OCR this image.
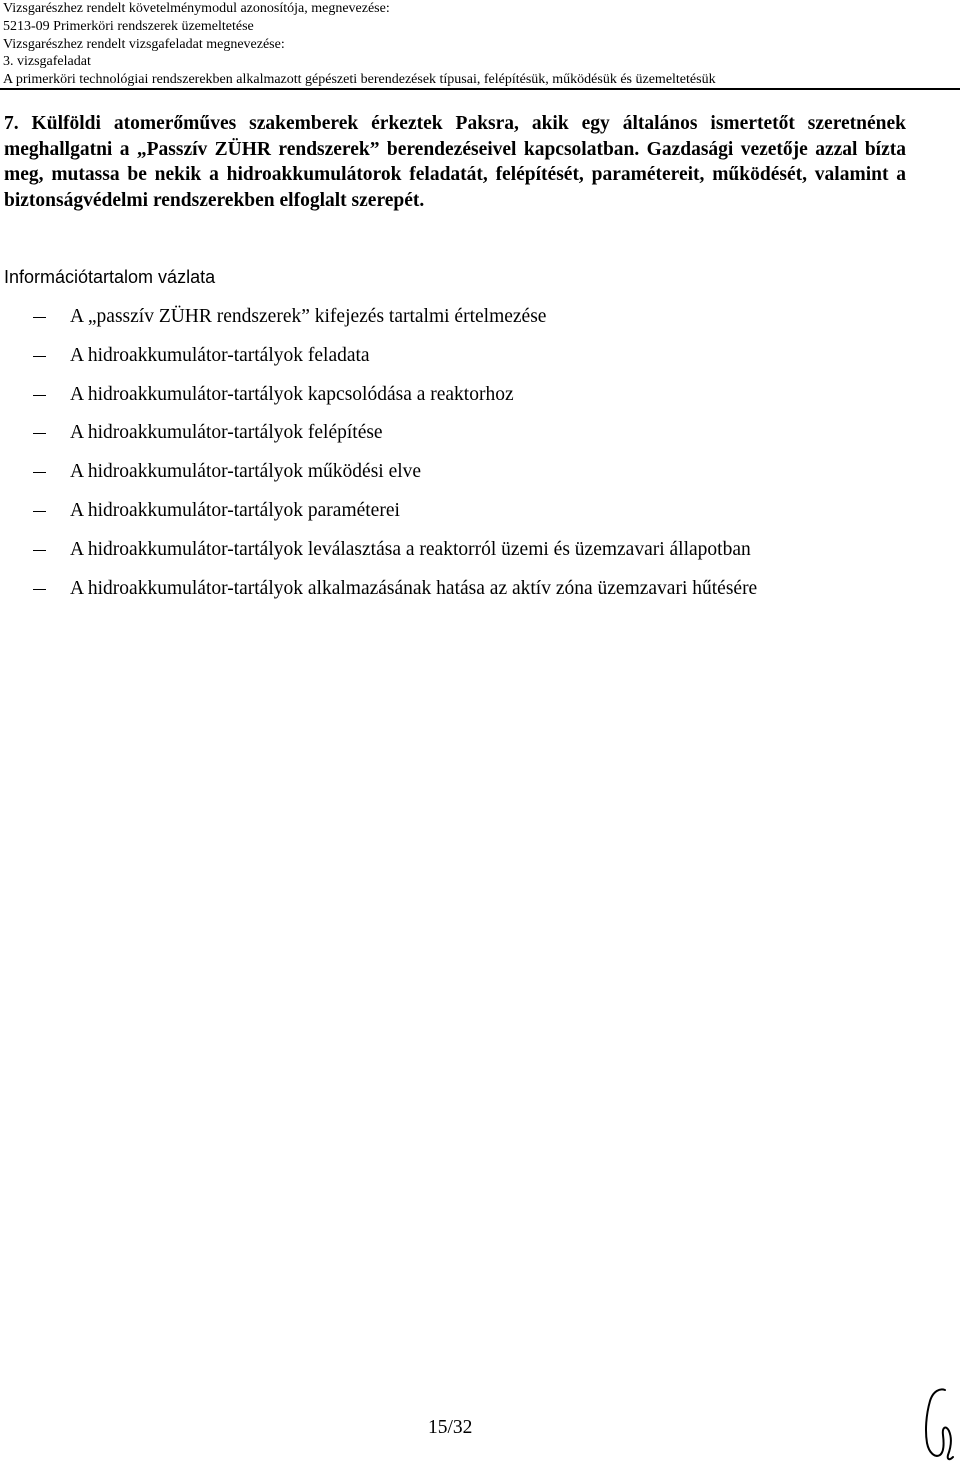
Vizsgarészhez rendelt követelménymodul azonosítója, megnevezése:
5213-09 Primerköri rendszerek üzemeltetése
Vizsgarészhez rendelt vizsgafeladat megnevezése:
3. vizsgafeladat
A primerköri technológiai rendszerekben alkalmazott gépészeti berendezések típusai, felépítésük, működésük és üzemeltetésük
7. Külföldi atomerőműves szakemberek érkeztek Paksra, akik egy általános ismertetőt szeretnének meghallgatni a „Passzív ZÜHR rendszerek” berendezéseivel kapcsolatban. Gazdasági vezetője azzal bízta meg, mutassa be nekik a hidroakkumulátorok feladatát, felépítését, paramétereit, működését, valamint a biztonságvédelmi rendszerekben elfoglalt szerepét.
Információtartalom vázlata
A „passzív ZÜHR rendszerek” kifejezés tartalmi értelmezése
A hidroakkumulátor-tartályok feladata
A hidroakkumulátor-tartályok kapcsolódása a reaktorhoz
A hidroakkumulátor-tartályok felépítése
A hidroakkumulátor-tartályok működési elve
A hidroakkumulátor-tartályok paraméterei
A hidroakkumulátor-tartályok leválasztása a reaktorról üzemi és üzemzavari állapotban
A hidroakkumulátor-tartályok alkalmazásának hatása az aktív zóna üzemzavari hűtésére
15/32
